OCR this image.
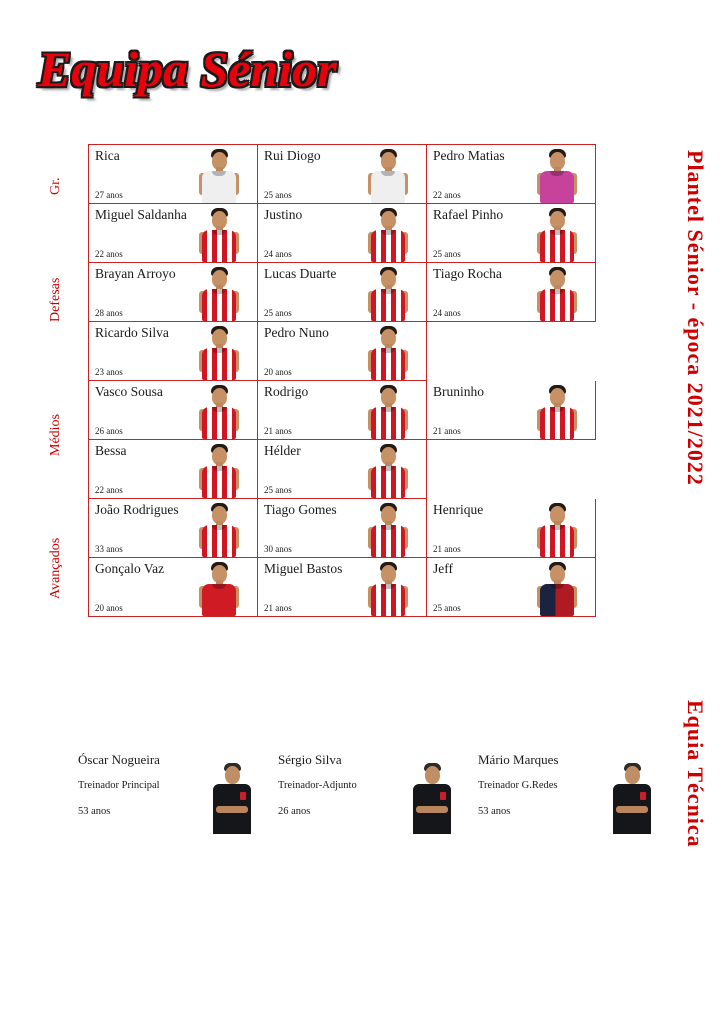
Equipa Sénior
Plantel Sénior - época 2021/2022
Equia Técnica
Gr.
Defesas
Médios
Avançados
Rica
27 anos
Rui Diogo
25 anos
Pedro Matias
22 anos
Miguel Saldanha
22 anos
Justino
24 anos
Rafael Pinho
25 anos
Brayan Arroyo
28 anos
Lucas Duarte
25 anos
Tiago Rocha
24 anos
Ricardo Silva
23 anos
Pedro Nuno
20 anos
Vasco Sousa
26 anos
Rodrigo
21 anos
Bruninho
21 anos
Bessa
22 anos
Hélder
25 anos
João Rodrigues
33 anos
Tiago Gomes
30 anos
Henrique
21 anos
Gonçalo Vaz
20 anos
Miguel Bastos
21 anos
Jeff
25 anos
Óscar Nogueira
Treinador Principal
53 anos
Sérgio Silva
Treinador-Adjunto
26 anos
Mário Marques
Treinador G.Redes
53 anos
